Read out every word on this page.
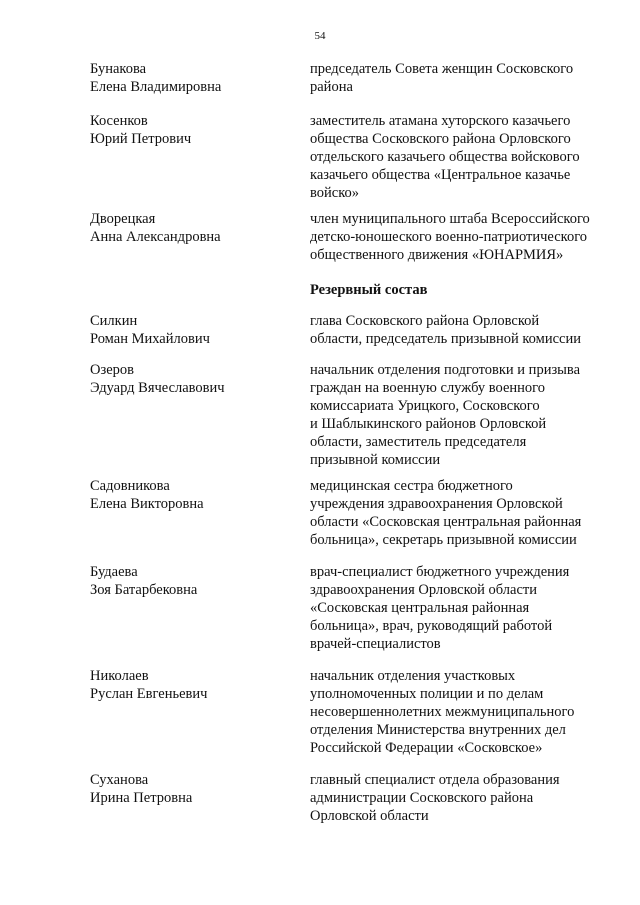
54
Бунакова
Елена Владимировна
председатель Совета женщин Сосковского
района
Косенков
Юрий Петрович
заместитель атамана хуторского казачьего
общества Сосковского района Орловского
отдельского казачьего общества войскового
казачьего общества «Центральное казачье
войско»
Дворецкая
Анна Александровна
член муниципального штаба Всероссийского
детско-юношеского военно-патриотического
общественного движения «ЮНАРМИЯ»
Резервный состав
Силкин
Роман Михайлович
глава Сосковского района Орловской
области, председатель призывной комиссии
Озеров
Эдуард Вячеславович
начальник отделения подготовки и призыва
граждан на военную службу военного
комиссариата Урицкого, Сосковского
и Шаблыкинского районов Орловской
области, заместитель председателя
призывной комиссии
Садовникова
Елена Викторовна
медицинская сестра бюджетного
учреждения здравоохранения Орловской
области «Сосковская центральная районная
больница», секретарь призывной комиссии
Будаева
Зоя Батарбековна
врач-специалист бюджетного учреждения
здравоохранения Орловской области
«Сосковская центральная районная
больница», врач, руководящий работой
врачей-специалистов
Николаев
Руслан Евгеньевич
начальник отделения участковых
уполномоченных полиции и по делам
несовершеннолетних межмуниципального
отделения Министерства внутренних дел
Российской Федерации «Сосковское»
Суханова
Ирина Петровна
главный специалист отдела образования
администрации Сосковского района
Орловской области
